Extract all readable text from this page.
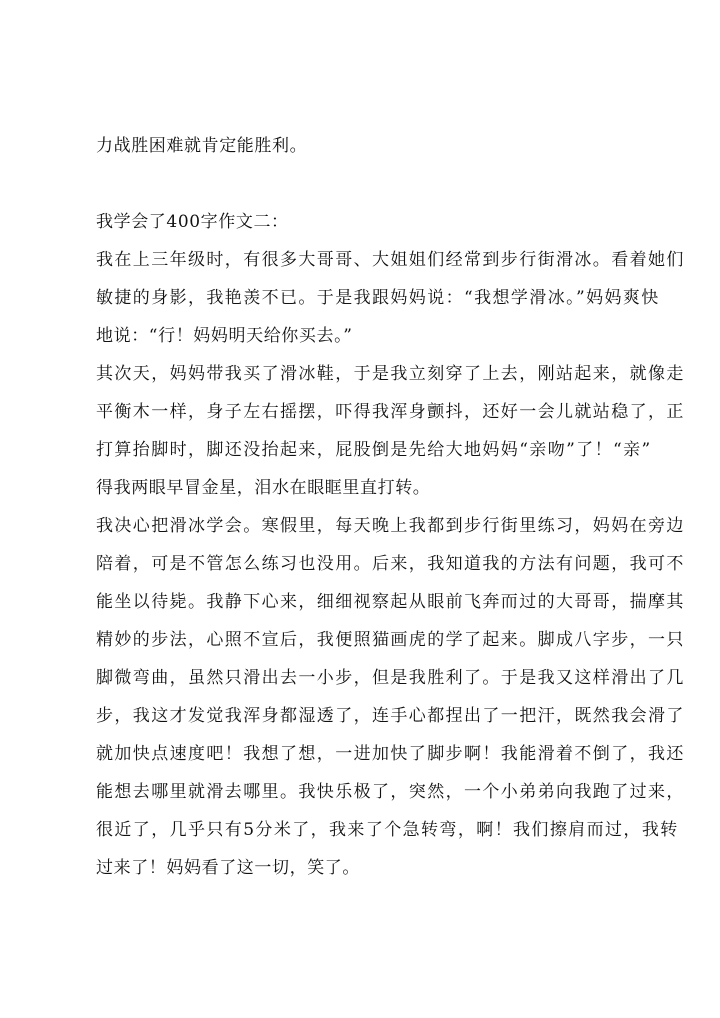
力战胜困难就肯定能胜利。
我学会了400字作文二：
我在上三年级时，有很多大哥哥、大姐姐们经常到步行街滑冰。看着她们
敏捷的身影，我艳羡不已。于是我跟妈妈说：“我想学滑冰。”妈妈爽快
地说：“行！妈妈明天给你买去。”
其次天，妈妈带我买了滑冰鞋，于是我立刻穿了上去，刚站起来，就像走
平衡木一样，身子左右摇摆，吓得我浑身颤抖，还好一会儿就站稳了，正
打算抬脚时，脚还没抬起来，屁股倒是先给大地妈妈“亲吻”了！“亲”
得我两眼早冒金星，泪水在眼眶里直打转。
我决心把滑冰学会。寒假里，每天晚上我都到步行街里练习，妈妈在旁边
陪着，可是不管怎么练习也没用。后来，我知道我的方法有问题，我可不
能坐以待毙。我静下心来，细细视察起从眼前飞奔而过的大哥哥，揣摩其
精妙的步法，心照不宣后，我便照猫画虎的学了起来。脚成八字步，一只
脚微弯曲，虽然只滑出去一小步，但是我胜利了。于是我又这样滑出了几
步，我这才发觉我浑身都湿透了，连手心都捏出了一把汗，既然我会滑了
就加快点速度吧！我想了想，一进加快了脚步啊！我能滑着不倒了，我还
能想去哪里就滑去哪里。我快乐极了，突然，一个小弟弟向我跑了过来，
很近了，几乎只有5分米了，我来了个急转弯，啊！我们擦肩而过，我转
过来了！妈妈看了这一切，笑了。
